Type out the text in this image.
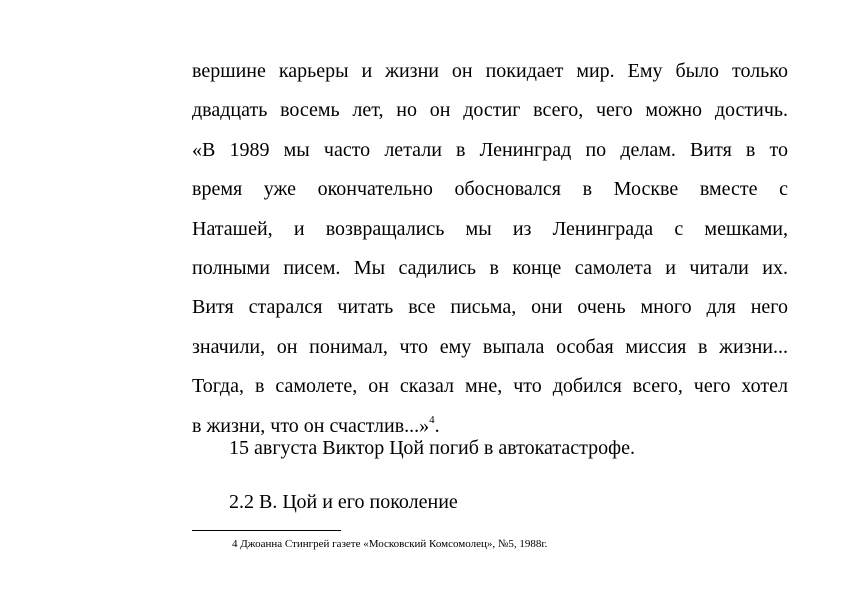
вершине карьеры и жизни он покидает мир. Ему было только
двадцать восемь лет, но он достиг всего, чего можно достичь.
«В 1989 мы часто летали в Ленинград по делам. Витя в то
время уже окончательно обосновался в Москве вместе с
Наташей, и возвращались мы из Ленинграда с мешками,
полными писем. Мы садились в конце самолета и читали их.
Витя старался читать все письма, они очень много для него
значили, он понимал, что ему выпала особая миссия в жизни...
Тогда, в самолете, он сказал мне, что добился всего, чего хотел
в жизни, что он счастлив...»$^4$.
15 августа Виктор Цой погиб в автокатастрофе.
2.2 В. Цой и его поколение
4 Джоанна Стингрей газете «Московский Комсомолец», №5, 1988г.
